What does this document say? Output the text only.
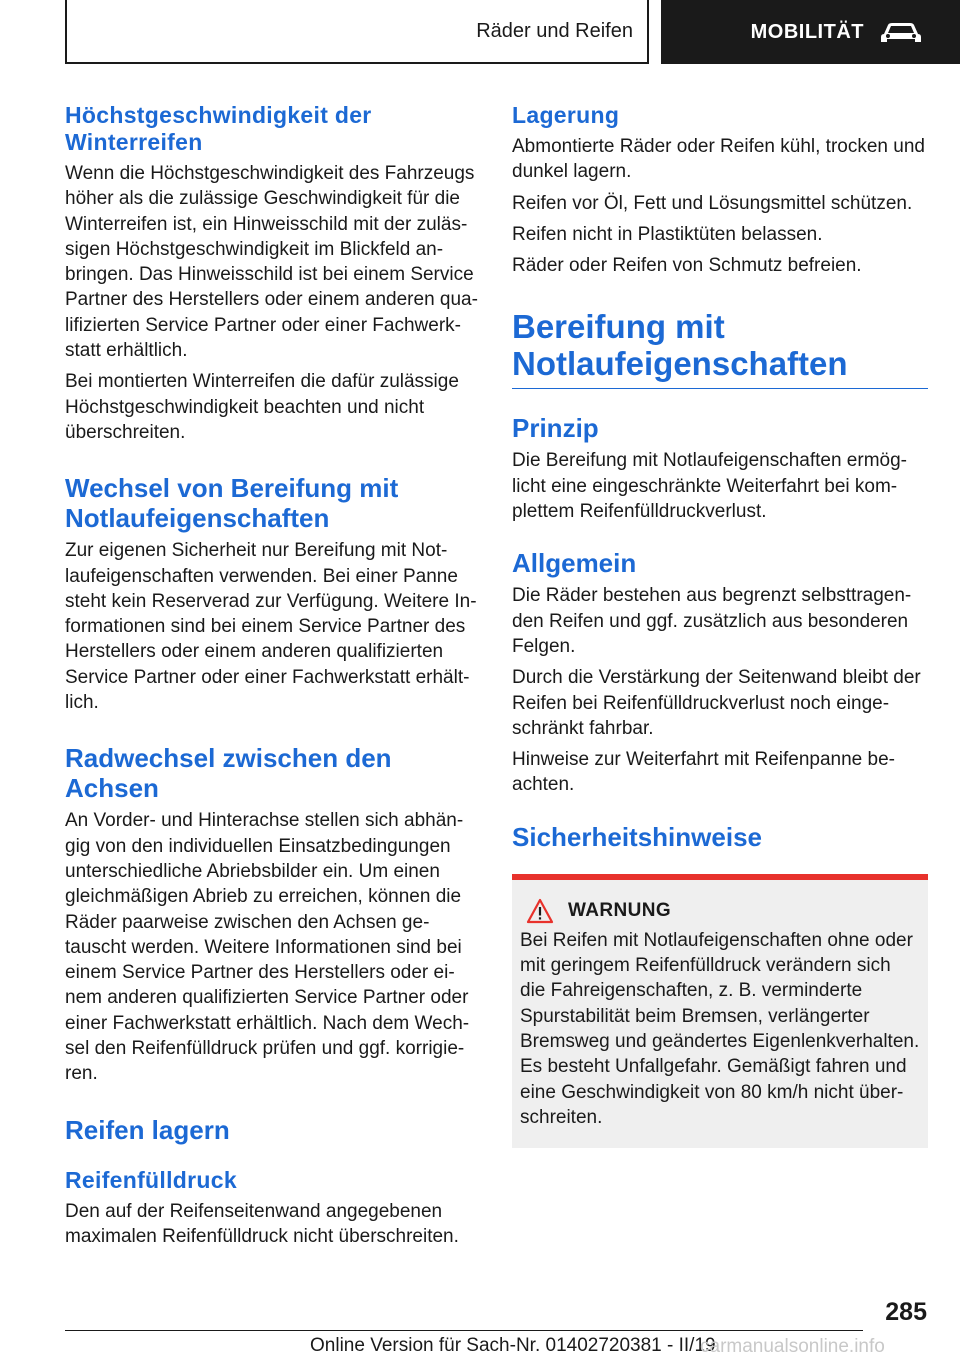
Räder und Reifen	MOBILITÄT
Höchstgeschwindigkeit der Winterreifen

Wenn die Höchstgeschwindigkeit des Fahrzeugs höher als die zulässige Geschwindigkeit für die Winterreifen ist, ein Hinweisschild mit der zulässigen Höchstgeschwindigkeit im Blickfeld anbringen. Das Hinweisschild ist bei einem Service Partner des Herstellers oder einem anderen qualifizierten Service Partner oder einer Fachwerkstatt erhältlich.

Bei montierten Winterreifen die dafür zulässige Höchstgeschwindigkeit beachten und nicht überschreiten.

Wechsel von Bereifung mit Notlaufeigenschaften

Zur eigenen Sicherheit nur Bereifung mit Notlaufeigenschaften verwenden. Bei einer Panne steht kein Reserverad zur Verfügung. Weitere Informationen sind bei einem Service Partner des Herstellers oder einem anderen qualifizierten Service Partner oder einer Fachwerkstatt erhältlich.

Radwechsel zwischen den Achsen

An Vorder- und Hinterachse stellen sich abhängig von den individuellen Einsatzbedingungen unterschiedliche Abriebsbilder ein. Um einen gleichmäßigen Abrieb zu erreichen, können die Räder paarweise zwischen den Achsen getauscht werden. Weitere Informationen sind bei einem Service Partner des Herstellers oder einem anderen qualifizierten Service Partner oder einer Fachwerkstatt erhältlich. Nach dem Wechsel den Reifenfülldruck prüfen und ggf. korrigieren.

Reifen lagern
Reifenfülldruck

Den auf der Reifenseitenwand angegebenen maximalen Reifenfülldruck nicht überschreiten.

Lagerung

Abmontierte Räder oder Reifen kühl, trocken und dunkel lagern.

Reifen vor Öl, Fett und Lösungsmittel schützen.

Reifen nicht in Plastiktüten belassen.

Räder oder Reifen von Schmutz befreien.

Bereifung mit Notlaufeigenschaften
Prinzip

Die Bereifung mit Notlaufeigenschaften ermöglicht eine eingeschränkte Weiterfahrt bei komplettem Reifenfülldruckverlust.

Allgemein

Die Räder bestehen aus begrenzt selbsttragenden Reifen und ggf. zusätzlich aus besonderen Felgen.

Durch die Verstärkung der Seitenwand bleibt der Reifen bei Reifenfülldruckverlust noch eingeschränkt fahrbar.

Hinweise zur Weiterfahrt mit Reifenpanne beachten.

Sicherheitshinweise
WARNUNG

Bei Reifen mit Notlaufeigenschaften ohne oder mit geringem Reifenfülldruck verändern sich die Fahreigenschaften, z. B. verminderte Spurstabilität beim Bremsen, verlängerter Bremsweg und geändertes Eigenlenkverhalten. Es besteht Unfallgefahr. Gemäßigt fahren und eine Geschwindigkeit von 80 km/h nicht überschreiten.

285
Online Version für Sach-Nr. 01402720381 - II/19
carmanualsonline.info
